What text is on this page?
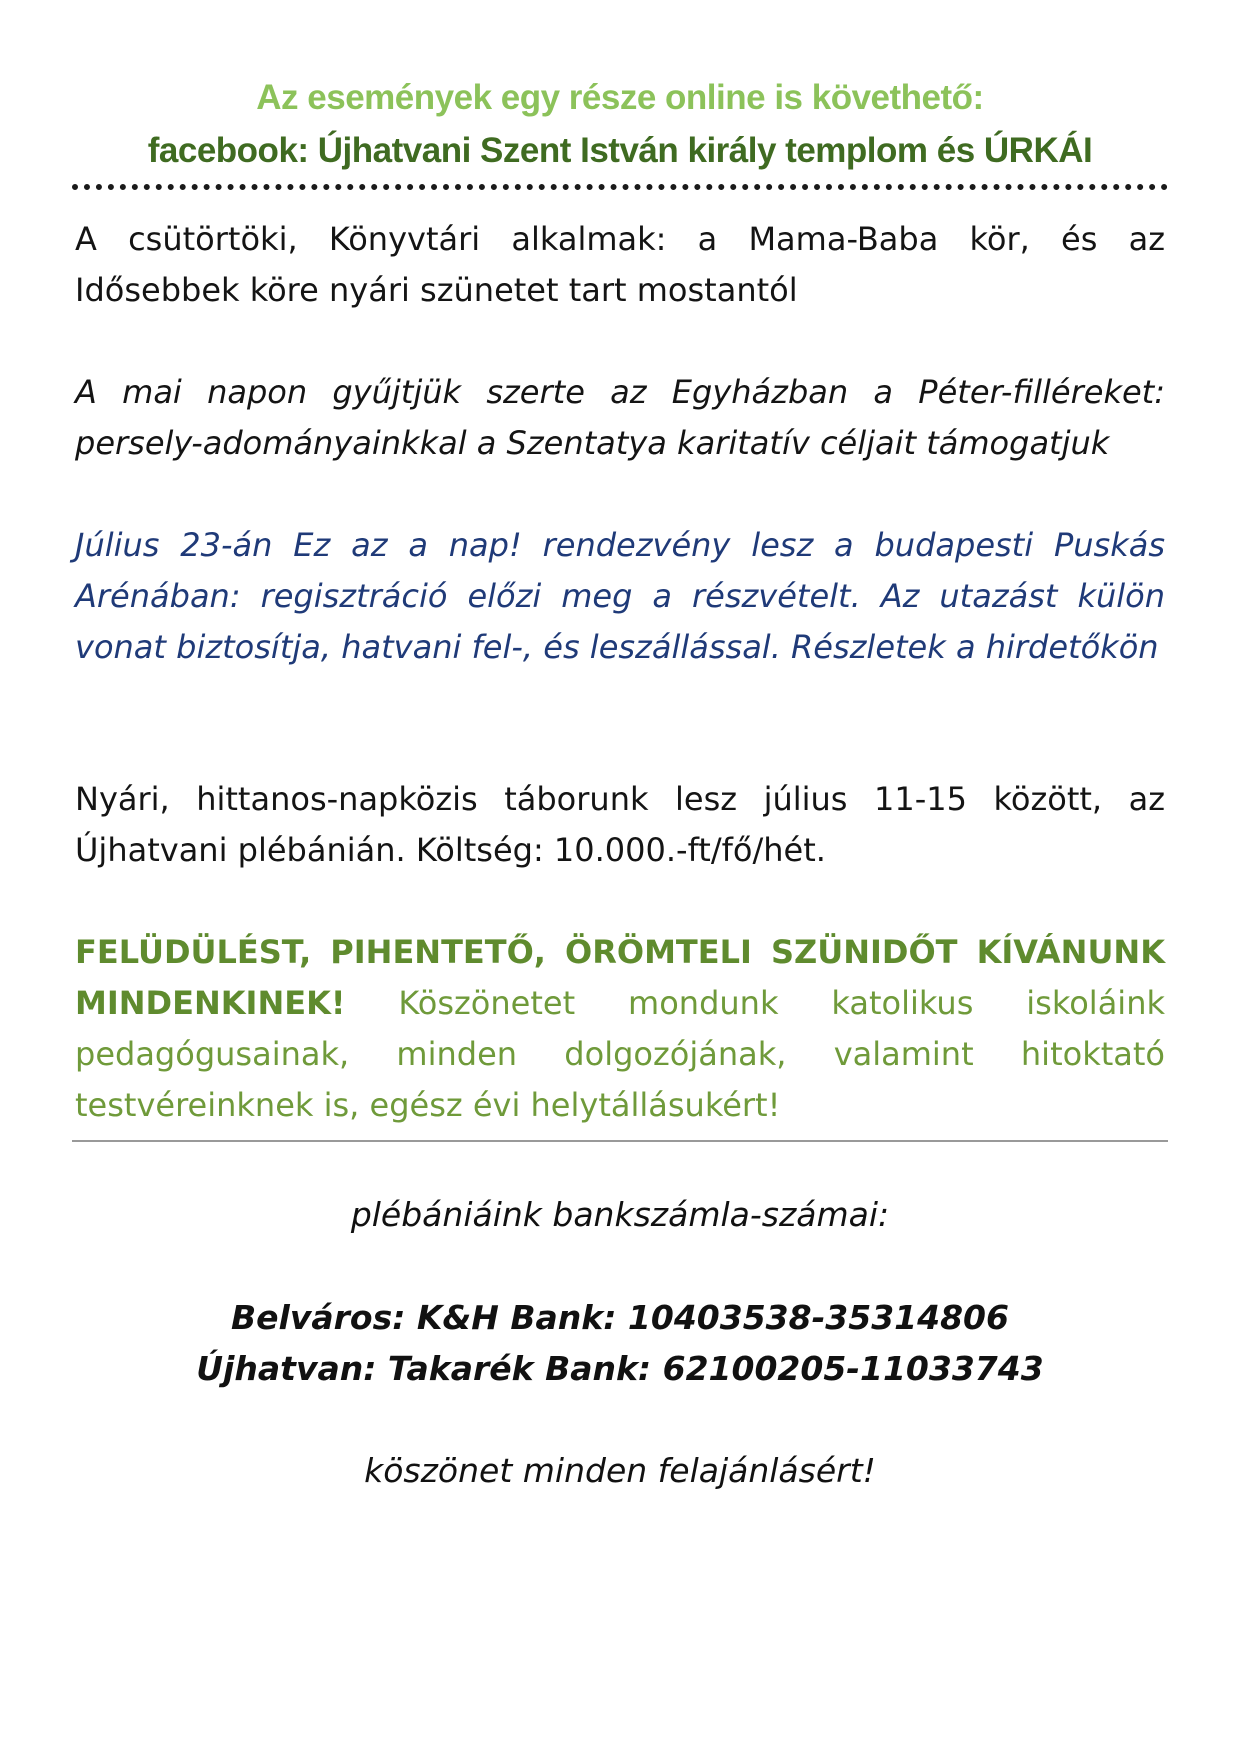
Az események egy része online is követhető:
facebook: Újhatvani Szent István király templom és ÚRKÁI
A csütörtöki, Könyvtári alkalmak: a Mama-Baba kör, és az Idősebbek köre nyári szünetet tart mostantól
A mai napon gyűjtjük szerte az Egyházban a Péter-filléreket: persely-adományainkkal a Szentatya karitatív céljait támogatjuk
Július 23-án Ez az a nap! rendezvény lesz a budapesti Puskás Arénában: regisztráció előzi meg a részvételt. Az utazást külön vonat biztosítja, hatvani fel-, és leszállással. Részletek a hirdetőkön
Nyári, hittanos-napközis táborunk lesz július 11-15 között, az Újhatvani plébánián. Költség: 10.000.-ft/fő/hét.
FELÜDÜLÉST, PIHENTETŐ, ÖRÖMTELI SZÜNIDŐT KÍVÁNUNK MINDENKINEK! Köszönetet mondunk katolikus iskoláink pedagógusainak, minden dolgozójának, valamint hitoktató testvéreinknek is, egész évi helytállásukért!
plébániáink bankszámla-számai:
Belváros: K&H Bank: 10403538-35314806
Újhatvan: Takarék Bank: 62100205-11033743
köszönet minden felajánlásért!
